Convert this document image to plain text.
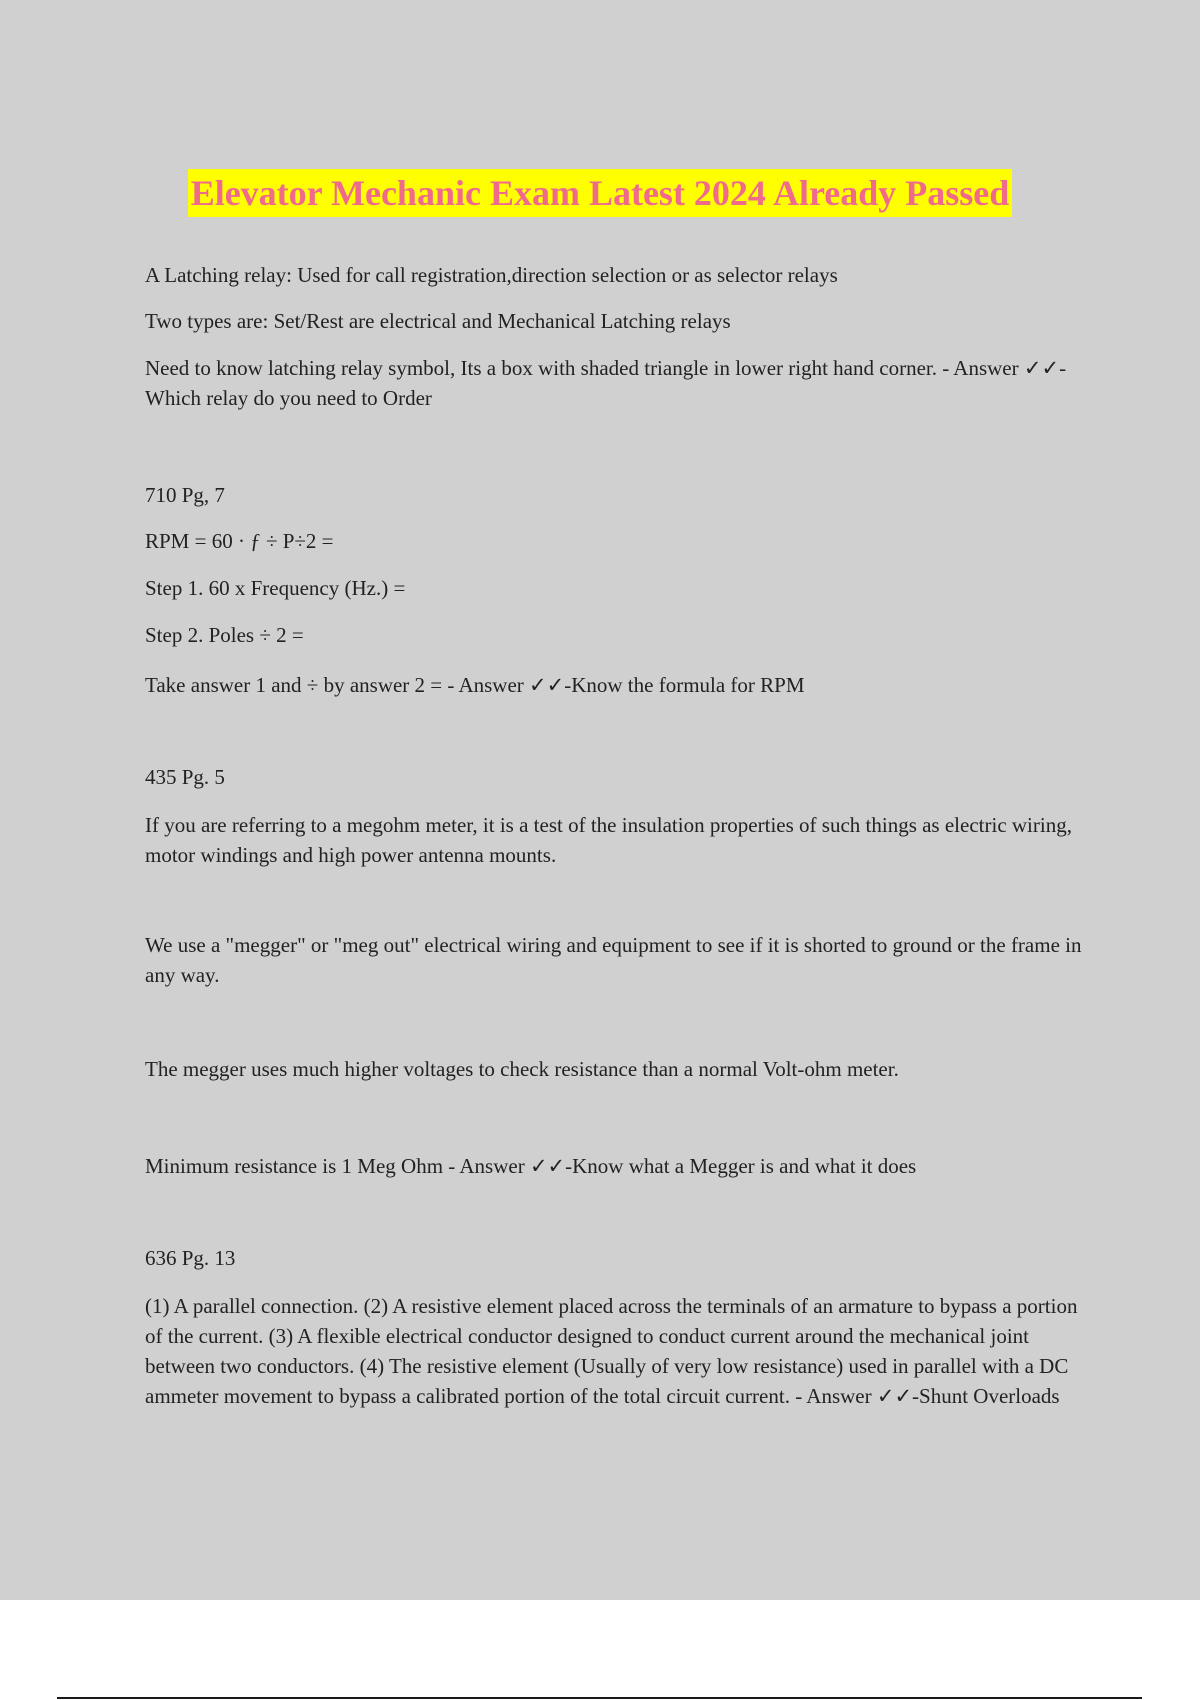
Elevator Mechanic Exam Latest 2024 Already Passed

A Latching relay: Used for call registration,direction selection or as selector relays

Two types are: Set/Rest are electrical and Mechanical Latching relays

Need to know latching relay symbol, Its a box with shaded triangle in lower right hand corner. - Answer ✓✓-Which relay do you need to Order

710 Pg, 7

RPM = 60 · ƒ ÷ P÷2 =

Step 1. 60 x Frequency (Hz.) =

Step 2. Poles ÷ 2 =

Take answer 1 and ÷ by answer 2 = - Answer ✓✓-Know the formula for RPM

435 Pg. 5

If you are referring to a megohm meter, it is a test of the insulation properties of such things as electric wiring, motor windings and high power antenna mounts.

We use a "megger" or "meg out" electrical wiring and equipment to see if it is shorted to ground or the frame in any way.

The megger uses much higher voltages to check resistance than a normal Volt-ohm meter.

Minimum resistance is 1 Meg Ohm - Answer ✓✓-Know what a Megger is and what it does

636 Pg. 13

(1) A parallel connection. (2) A resistive element placed across the terminals of an armature to bypass a portion of the current. (3) A flexible electrical conductor designed to conduct current around the mechanical joint between two conductors. (4) The resistive element (Usually of very low resistance) used in parallel with a DC ammeter movement to bypass a calibrated portion of the total circuit current. - Answer ✓✓-Shunt Overloads
